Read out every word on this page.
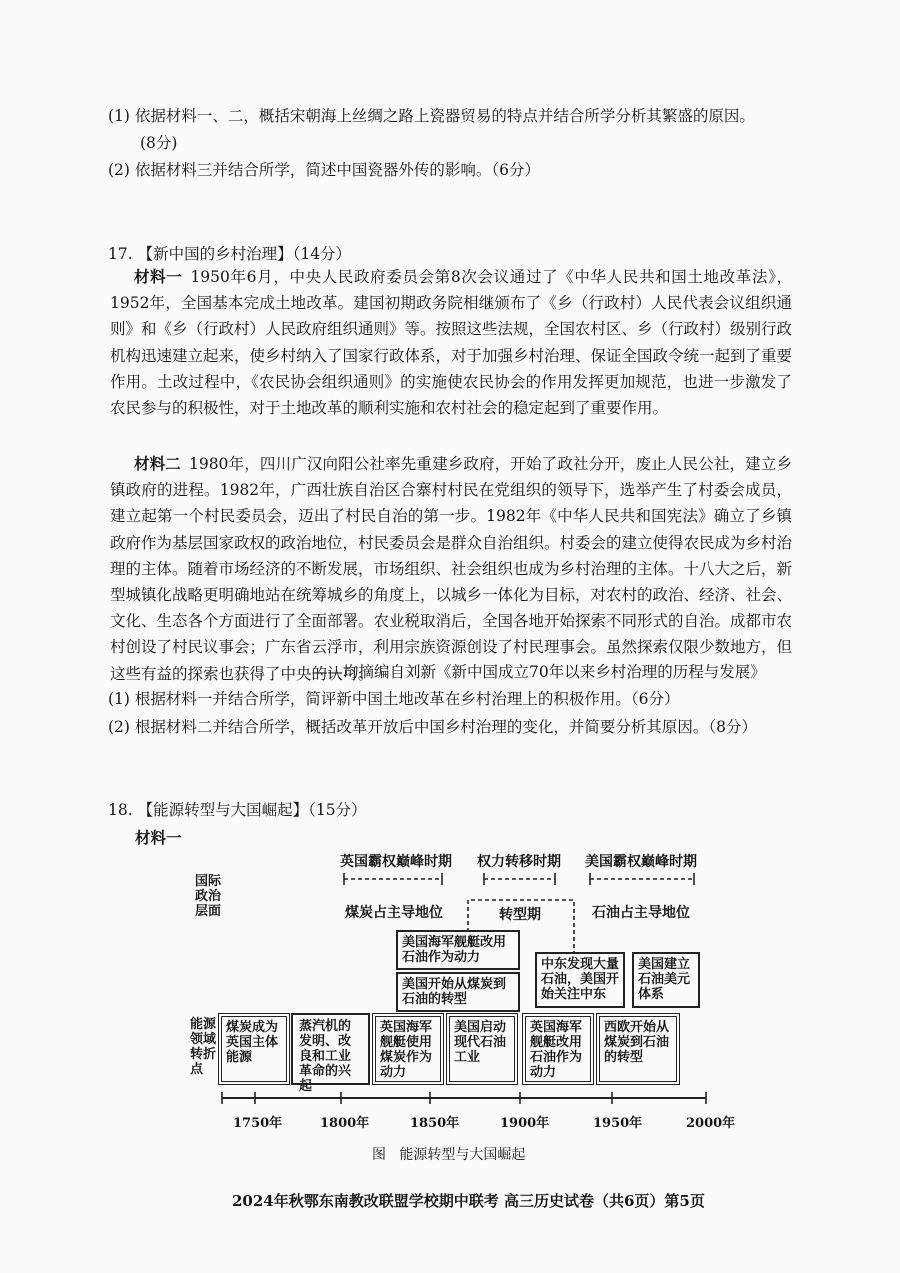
(1) 依据材料一、二，概括宋朝海上丝绸之路上瓷器贸易的特点并结合所学分析其繁盛的原因。
(8分)
(2) 依据材料三并结合所学，简述中国瓷器外传的影响。（6分）
17. 【新中国的乡村治理】（14分）
材料一 1950年6月，中央人民政府委员会第8次会议通过了《中华人民共和国土地改革法》，1952年，全国基本完成土地改革。建国初期政务院相继颁布了《乡（行政村）人民代表会议组织通则》和《乡（行政村）人民政府组织通则》等。按照这些法规，全国农村区、乡（行政村）级别行政机构迅速建立起来，使乡村纳入了国家行政体系，对于加强乡村治理、保证全国政令统一起到了重要作用。土改过程中，《农民协会组织通则》的实施使农民协会的作用发挥更加规范，也进一步激发了农民参与的积极性，对于土地改革的顺利实施和农村社会的稳定起到了重要作用。
材料二 1980年，四川广汉向阳公社率先重建乡政府，开始了政社分开，废止人民公社，建立乡镇政府的进程。1982年，广西壮族自治区合寨村村民在党组织的领导下，选举产生了村委会成员，建立起第一个村民委员会，迈出了村民自治的第一步。1982年《中华人民共和国宪法》确立了乡镇政府作为基层国家政权的政治地位，村民委员会是群众自治组织。村委会的建立使得农民成为乡村治理的主体。随着市场经济的不断发展，市场组织、社会组织也成为乡村治理的主体。十八大之后，新型城镇化战略更明确地站在统筹城乡的角度上，以城乡一体化为目标，对农村的政治、经济、社会、文化、生态各个方面进行了全面部署。农业税取消后，全国各地开始探索不同形式的自治。成都市农村创设了村民议事会；广东省云浮市，利用宗族资源创设了村民理事会。虽然探索仅限少数地方，但这些有益的探索也获得了中央的认可。
——均摘编自刘新《新中国成立70年以来乡村治理的历程与发展》
(1) 根据材料一并结合所学，简评新中国土地改革在乡村治理上的积极作用。（6分）
(2) 根据材料二并结合所学，概括改革开放后中国乡村治理的变化，并简要分析其原因。（8分）
18. 【能源转型与大国崛起】（15分）
材料一
国际政治层面
能源领域转折点
英国霸权巅峰时期 权力转移时期 美国霸权巅峰时期
煤炭占主导地位	转型期	石油占主导地位
美国海军舰艇改用石油作为动力
美国开始从煤炭到石油的转型
中东发现大量石油，美国开始关注中东
美国建立石油美元体系
煤炭成为英国主体能源
蒸汽机的发明、改良和工业革命的兴起
英国海军舰艇使用煤炭作为动力
美国启动现代石油工业
英国海军舰艇改用石油作为动力
西欧开始从煤炭到石油的转型
1750年	1800年	1850年	1900年	1950年	2000年
图   能源转型与大国崛起
2024年秋鄂东南教改联盟学校期中联考 高三历史试卷（共6页）第5页
